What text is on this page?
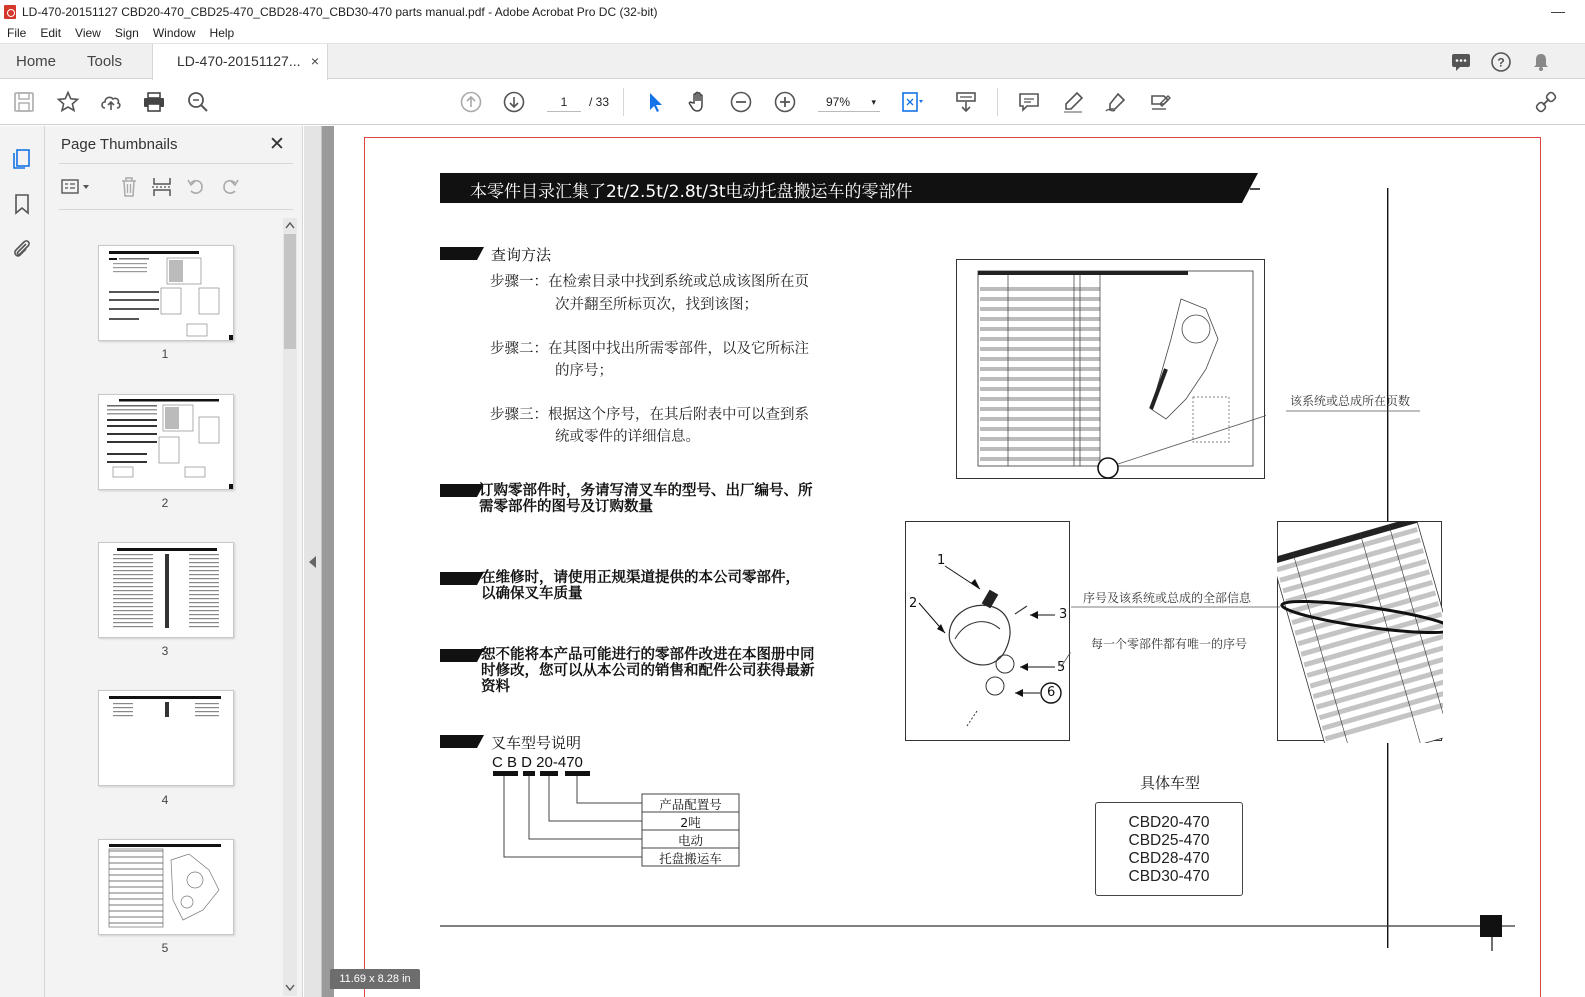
LD-470-20151127 CBD20-470_CBD25-470_CBD28-470_CBD30-470 parts manual.pdf - Adobe Acrobat Pro DC (32-bit)	—
File Edit View Sign Window Help
Home Tools	LD-470-20151127... ×	?
1	/ 33	97% ▾
Page Thumbnails	✕
1
2
3
4
5
本零件目录汇集了2t/2.5t/2.8t/3t电动托盘搬运车的零部件
查询方法
步骤一：在检索目录中找到系统或总成该图所在页
次并翻至所标页次，找到该图；
步骤二：在其图中找出所需零部件，以及它所标注
的序号；
步骤三：根据这个序号，在其后附表中可以查到系
统或零件的详细信息。
订购零部件时，务请写清叉车的型号、出厂编号、所
需零部件的图号及订购数量
在维修时，请使用正规渠道提供的本公司零部件，
以确保叉车质量
恕不能将本产品可能进行的零部件改进在本图册中同
时修改，您可以从本公司的销售和配件公司获得最新
资料
叉车型号说明
C B D 20-470
产品配置号
2吨
电动
托盘搬运车
该系统或总成所在页数
1
2
3
5
6
序号及该系统或总成的全部信息
每一个零部件都有唯一的序号
具体车型
CBD20-470
CBD25-470
CBD28-470
CBD30-470
11.69 x 8.28 in
